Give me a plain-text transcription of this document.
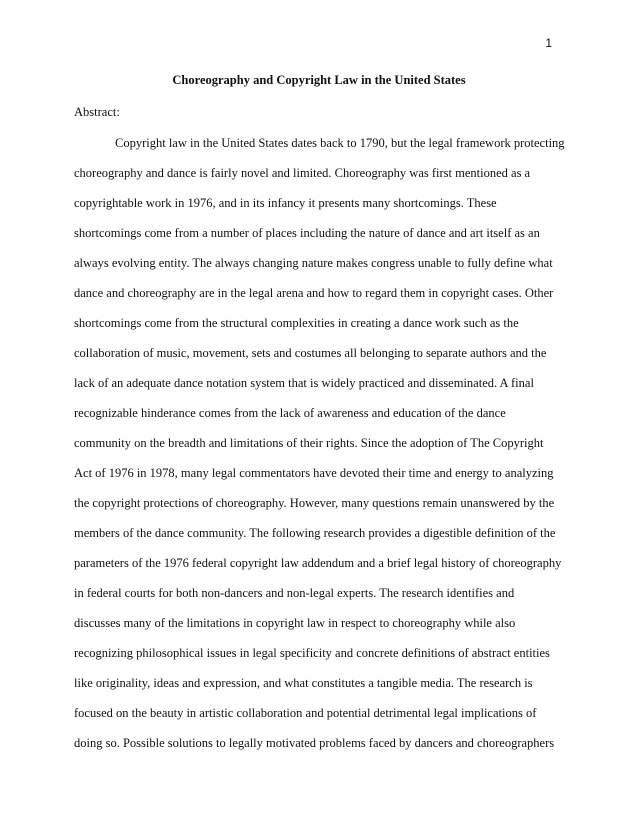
1
Choreography and Copyright Law in the United States
Abstract:
Copyright law in the United States dates back to 1790, but the legal framework protecting
choreography and dance is fairly novel and limited. Choreography was first mentioned as a
copyrightable work in 1976, and in its infancy it presents many shortcomings. These
shortcomings come from a number of places including the nature of dance and art itself as an
always evolving entity. The always changing nature makes congress unable to fully define what
dance and choreography are in the legal arena and how to regard them in copyright cases. Other
shortcomings come from the structural complexities in creating a dance work such as the
collaboration of music, movement, sets and costumes all belonging to separate authors and the
lack of an adequate dance notation system that is widely practiced and disseminated. A final
recognizable hinderance comes from the lack of awareness and education of the dance
community on the breadth and limitations of their rights. Since the adoption of The Copyright
Act of 1976 in 1978, many legal commentators have devoted their time and energy to analyzing
the copyright protections of choreography. However, many questions remain unanswered by the
members of the dance community. The following research provides a digestible definition of the
parameters of the 1976 federal copyright law addendum and a brief legal history of choreography
in federal courts for both non-dancers and non-legal experts. The research identifies and
discusses many of the limitations in copyright law in respect to choreography while also
recognizing philosophical issues in legal specificity and concrete definitions of abstract entities
like originality, ideas and expression, and what constitutes a tangible media. The research is
focused on the beauty in artistic collaboration and potential detrimental legal implications of
doing so. Possible solutions to legally motivated problems faced by dancers and choreographers
